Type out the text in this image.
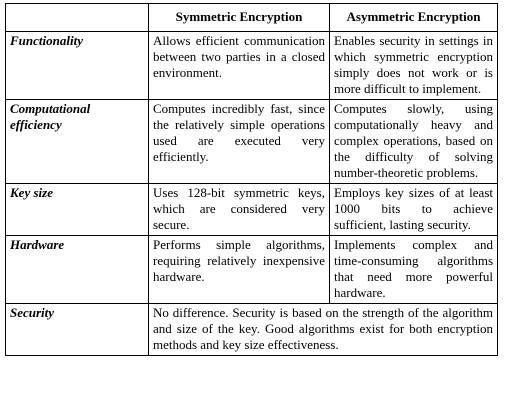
	Symmetric Encryption	Asymmetric Encryption
Functionality	Allows efficient communication between two parties in a closed environment.	Enables security in settings in which symmetric encryption simply does not work or is more difficult to implement.
Computational efficiency	Computes incredibly fast, since the relatively simple operations used are executed very efficiently.	Computes slowly, using computationally heavy and complex operations, based on the difficulty of solving number-theoretic problems.
Key size	Uses 128-bit symmetric keys, which are considered very secure.	Employs key sizes of at least 1000 bits to achieve sufficient, lasting security.
Hardware	Performs simple algorithms, requiring relatively inexpensive hardware.	Implements complex and time-consuming algorithms that need more powerful hardware.
Security	No difference. Security is based on the strength of the algorithm and size of the key. Good algorithms exist for both encryption methods and key size effectiveness.	
